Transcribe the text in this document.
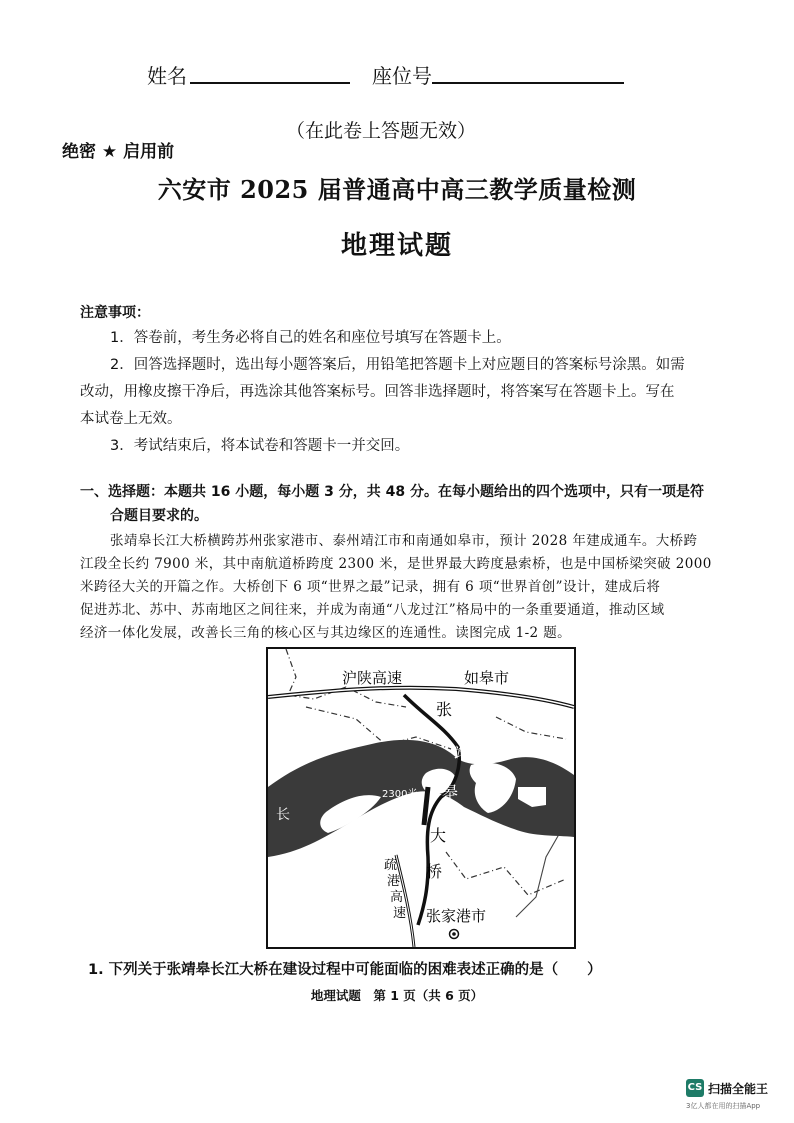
姓名	座位号
（在此卷上答题无效）
绝密 ★ 启用前
六安市 2025 届普通高中高三教学质量检测
地理试题
注意事项：
1．答卷前，考生务必将自己的姓名和座位号填写在答题卡上。
2．回答选择题时，选出每小题答案后，用铅笔把答题卡上对应题目的答案标号涂黑。如需
改动，用橡皮擦干净后，再选涂其他答案标号。回答非选择题时，将答案写在答题卡上。写在
本试卷上无效。
3．考试结束后，将本试卷和答题卡一并交回。
一、选择题：本题共 16 小题，每小题 3 分，共 48 分。在每小题给出的四个选项中，只有一项是符
合题目要求的。
张靖皋长江大桥横跨苏州张家港市、泰州靖江市和南通如皋市，预计 2028 年建成通车。大桥跨
江段全长约 7900 米，其中南航道桥跨度 2300 米，是世界最大跨度悬索桥，也是中国桥梁突破 2000
米跨径大关的开篇之作。大桥创下 6 项“世界之最”记录，拥有 6 项“世界首创”设计，建成后将
促进苏北、苏中、苏南地区之间往来，并成为南通“八龙过江”格局中的一条重要通道，推动区域
经济一体化发展，改善长三角的核心区与其边缘区的连通性。读图完成 1-2 题。
沪陕高速	如皋市
张
靖
皋
大
桥
2300米
长
疏
港
高
速 张家港市
1. 下列关于张靖皋长江大桥在建设过程中可能面临的困难表述正确的是（　　）
地理试题　第 1 页（共 6 页）
CS 扫描全能王
3亿人都在用的扫描App
